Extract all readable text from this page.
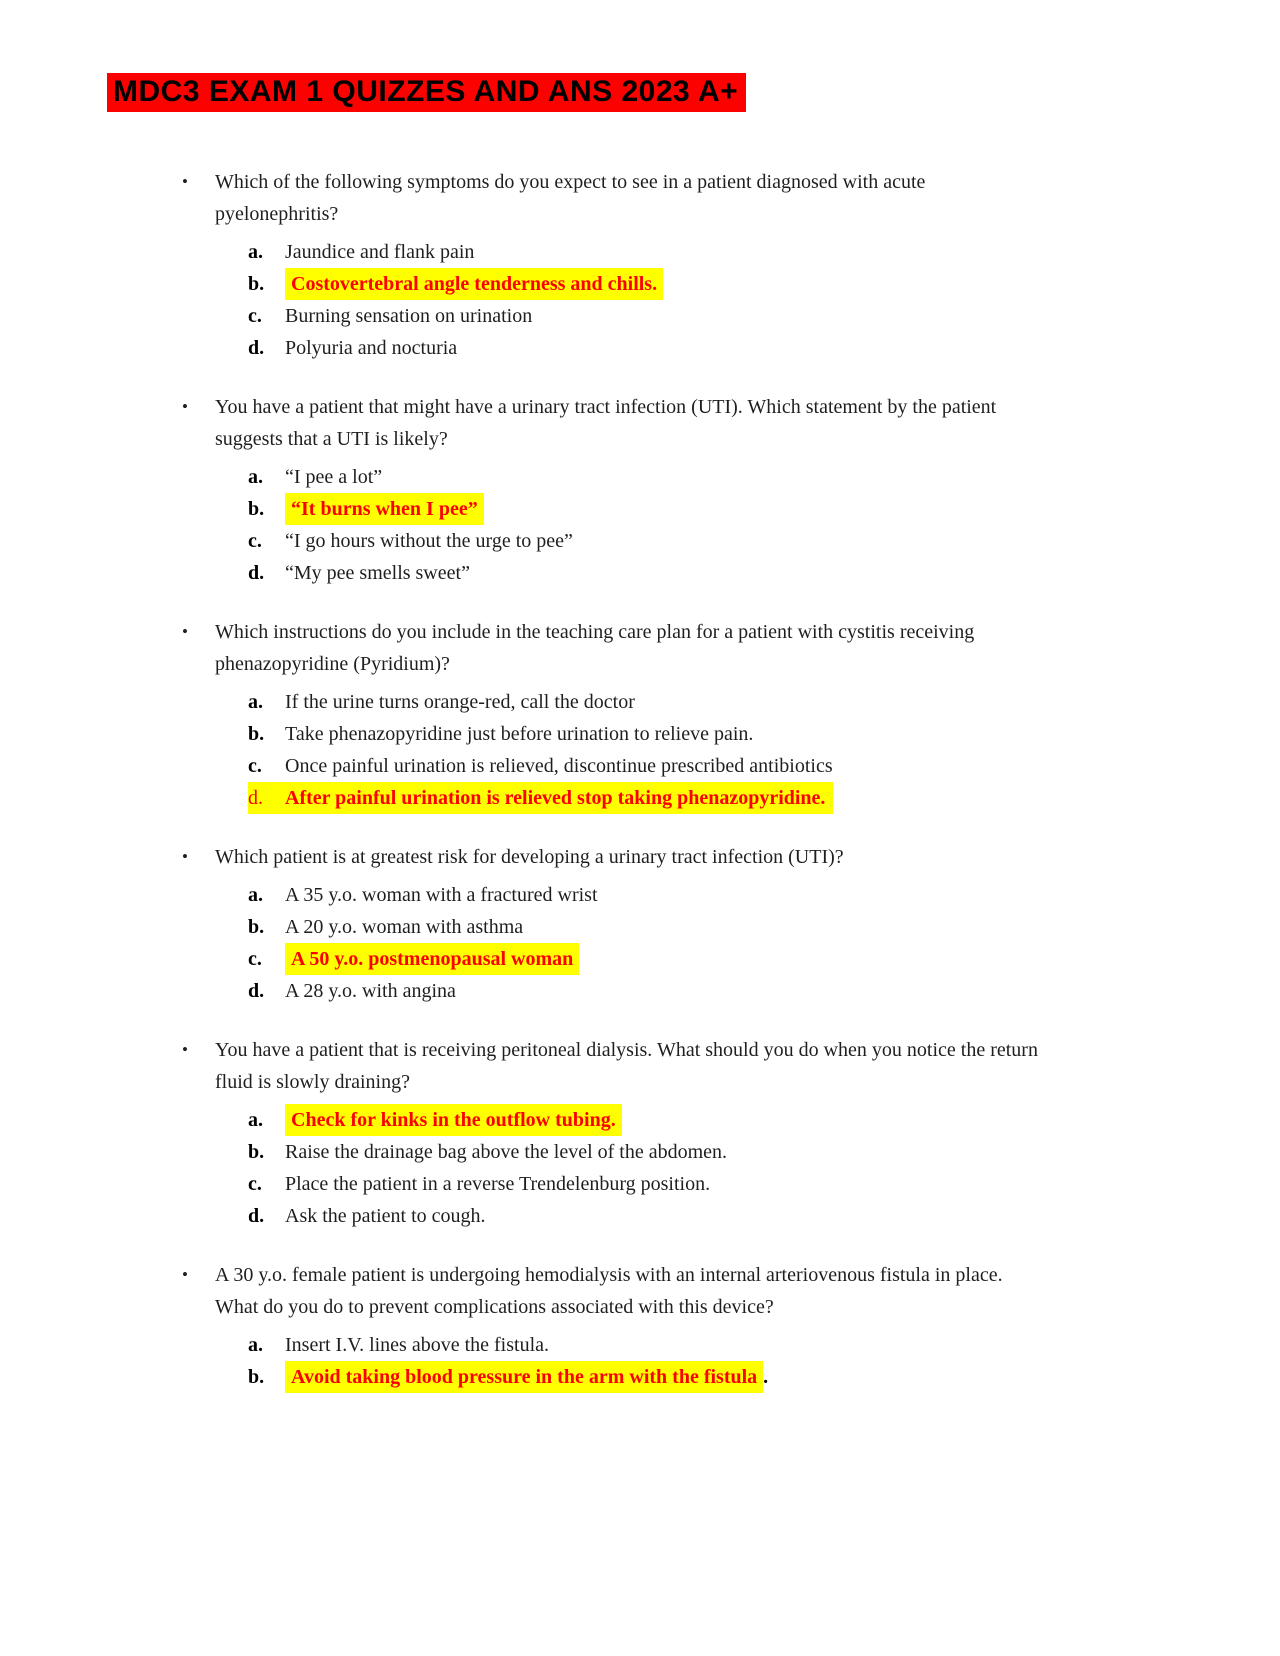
MDC3 EXAM 1 QUIZZES AND ANS 2023 A+
•	Which of the following symptoms do you expect to see in a patient diagnosed with acute pyelonephritis?
a.	Jaundice and flank pain
b.	Costovertebral angle tenderness and chills.
c.	Burning sensation on urination
d.	Polyuria and nocturia
•	You have a patient that might have a urinary tract infection (UTI). Which statement by the patient suggests that a UTI is likely?
a.	“I pee a lot”
b.	“It burns when I pee”
c.	“I go hours without the urge to pee”
d.	“My pee smells sweet”
•	Which instructions do you include in the teaching care plan for a patient with cystitis receiving phenazopyridine (Pyridium)?
a.	If the urine turns orange-red, call the doctor
b.	Take phenazopyridine just before urination to relieve pain.
c.	Once painful urination is relieved, discontinue prescribed antibiotics
d.	After painful urination is relieved stop taking phenazopyridine.
•	Which patient is at greatest risk for developing a urinary tract infection (UTI)?
a.	A 35 y.o. woman with a fractured wrist
b.	A 20 y.o. woman with asthma
c.	A 50 y.o. postmenopausal woman
d.	A 28 y.o. with angina
•	You have a patient that is receiving peritoneal dialysis. What should you do when you notice the return fluid is slowly draining?
a.	Check for kinks in the outflow tubing.
b.	Raise the drainage bag above the level of the abdomen.
c.	Place the patient in a reverse Trendelenburg position.
d.	Ask the patient to cough.
•	A 30 y.o. female patient is undergoing hemodialysis with an internal arteriovenous fistula in place. What do you do to prevent complications associated with this device?
a.	Insert I.V. lines above the fistula.
b.	Avoid taking blood pressure in the arm with the fistula .
